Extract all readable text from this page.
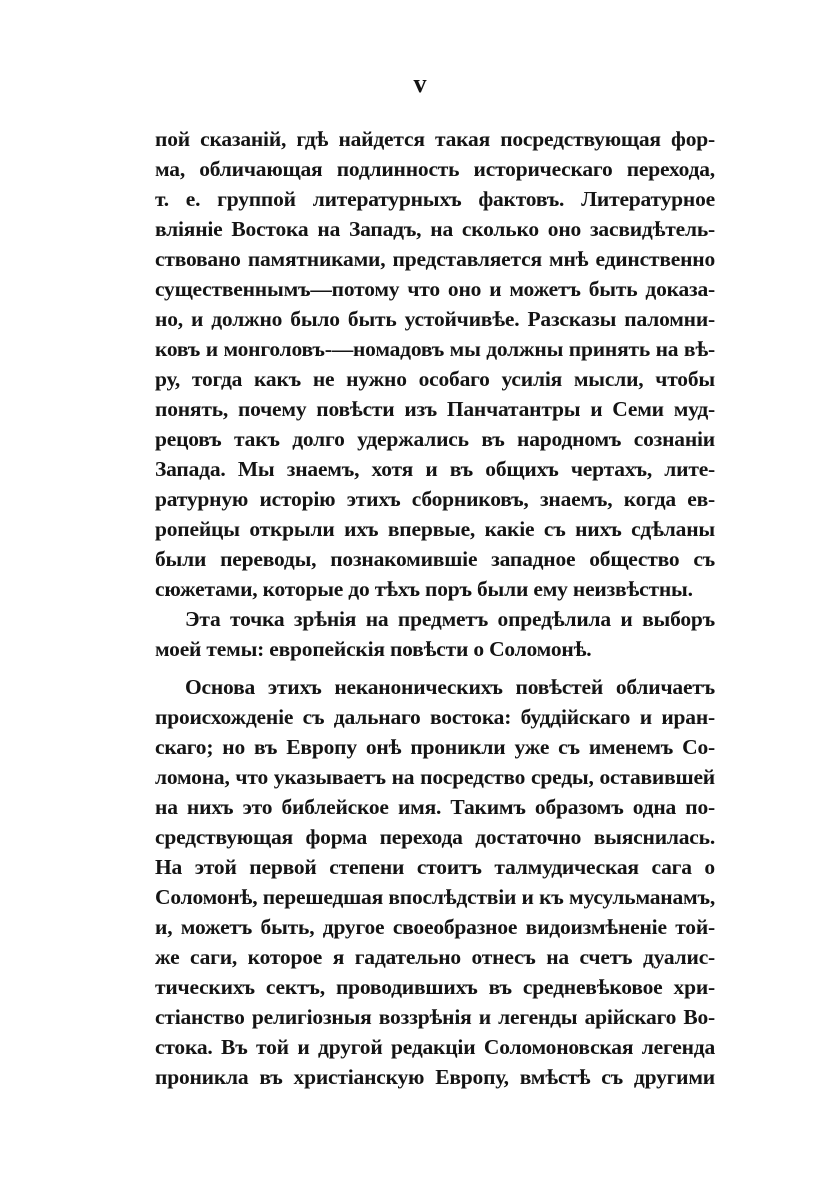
v
пой сказаній, гдѣ найдется такая посредствующая фор-
ма, обличающая подлинность историческаго перехода,
т. е. группой литературныхъ фактовъ. Литературное
вліяніе Востока на Западъ, на сколько оно засвидѣтель-
ствовано памятниками, представляется мнѣ единственно
существеннымъ—потому что оно и можетъ быть доказа-
но, и должно было быть устойчивѣе. Разсказы паломни-
ковъ и монголовъ-—номадовъ мы должны принять на вѣ-
ру, тогда какъ не нужно особаго усилія мысли, чтобы
понять, почему повѣсти изъ Панчатантры и Семи муд-
рецовъ такъ долго удержались въ народномъ сознаніи
Запада. Мы знаемъ, хотя и въ общихъ чертахъ, лите-
ратурную исторію этихъ сборниковъ, знаемъ, когда ев-
ропейцы открыли ихъ впервые, какіе съ нихъ сдѣланы
были переводы, познакомившіе западное общество съ
сюжетами, которые до тѣхъ поръ были ему неизвѣстны.
Эта точка зрѣнія на предметъ опредѣлила и выборъ
моей темы: европейскія повѣсти о Соломонѣ.
Основа этихъ неканоническихъ повѣстей обличаетъ
происхожденіе съ дальнаго востока: буддійскаго и иран-
скаго; но въ Европу онѣ проникли уже съ именемъ Со-
ломона, что указываетъ на посредство среды, оставившей
на нихъ это библейское имя. Такимъ образомъ одна по-
средствующая форма перехода достаточно выяснилась.
На этой первой степени стоитъ талмудическая сага о
Соломонѣ, перешедшая впослѣдствіи и къ мусульманамъ,
и, можетъ быть, другое своеобразное видоизмѣненіе той-
же саги, которое я гадательно отнесъ на счетъ дуалис-
тическихъ сектъ, проводившихъ въ средневѣковое хри-
стіанство религіозныя воззрѣнія и легенды арійскаго Во-
стока. Въ той и другой редакціи Соломоновская легенда
проникла въ христіанскую Европу, вмѣстѣ съ другими
